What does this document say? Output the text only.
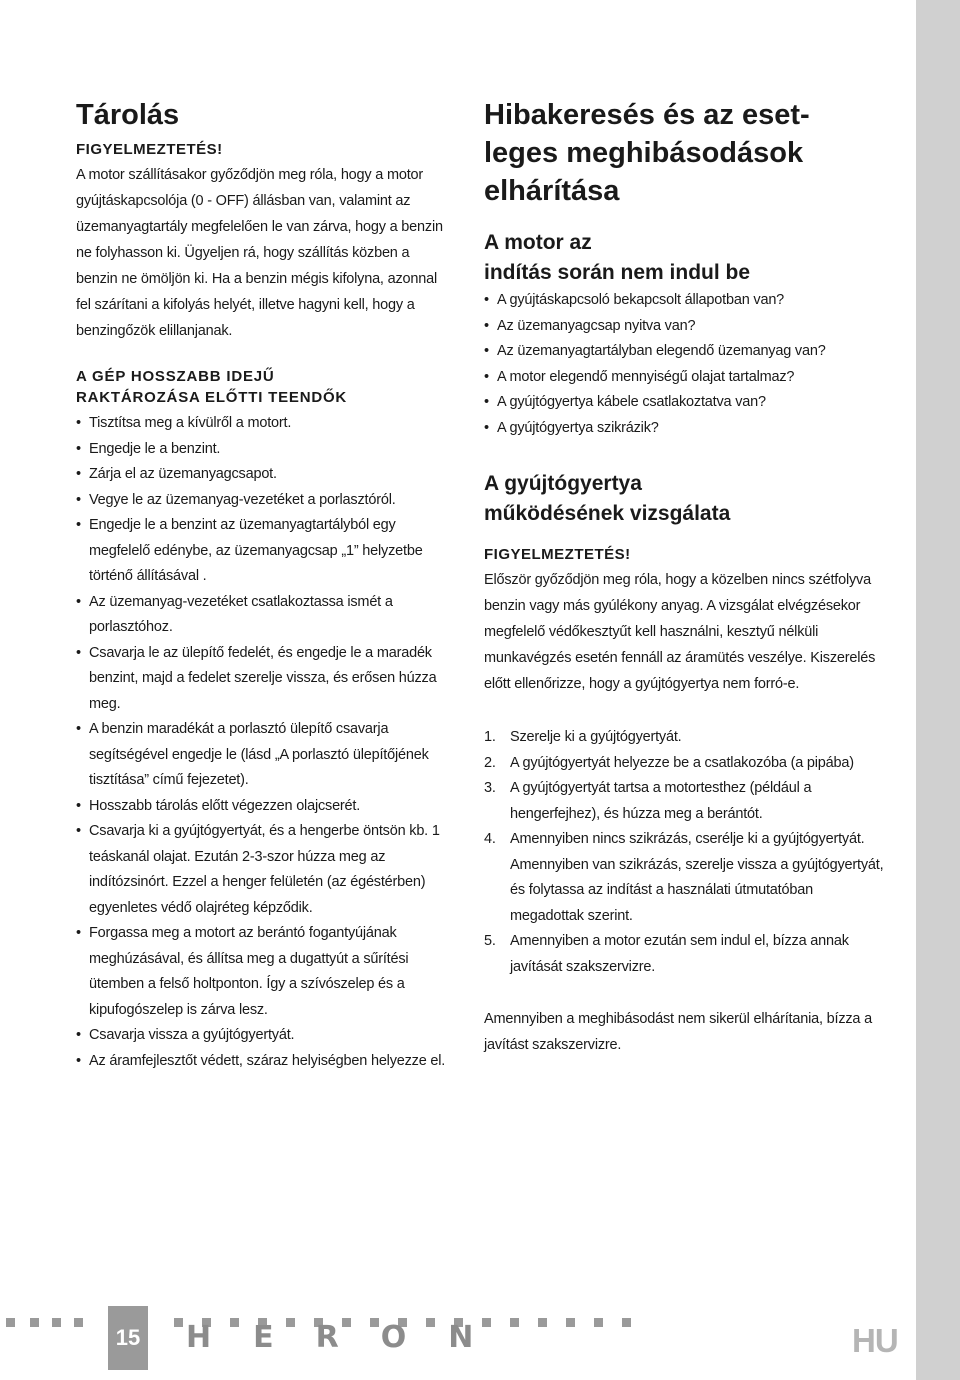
Tárolás
FIGYELMEZTETÉS!

A motor szállításakor győződjön meg róla, hogy a motor gyújtáskapcsolója (0 - OFF) állásban van, valamint az üzemanyagtartály megfelelően le van zárva, hogy a benzin ne folyhasson ki. Ügyeljen rá, hogy szállítás közben a benzin ne ömöljön ki. Ha a benzin mégis kifolyna, azonnal fel szárítani a kifolyás helyét, illetve hagyni kell, hogy a benzingőzök elillanjanak.

A GÉP HOSSZABB IDEJŰ
RAKTÁROZÁSA ELŐTTI TEENDŐK
• Tisztítsa meg a kívülről a motort.
• Engedje le a benzint.
• Zárja el az üzemanyagcsapot.
• Vegye le az üzemanyag-vezetéket a porlasztóról.
• Engedje le a benzint az üzemanyagtartályból egy megfelelő edénybe, az üzemanyagcsap „1” helyzetbe történő állításával .
• Az üzemanyag-vezetéket csatlakoztassa ismét a porlasztóhoz.
• Csavarja le az ülepítő fedelét, és engedje le a maradék benzint, majd a fedelet szerelje vissza, és erősen húzza meg.
• A benzin maradékát a porlasztó ülepítő csavarja segítségével engedje le (lásd „A porlasztó ülepítőjének tisztítása” című fejezetet).
• Hosszabb tárolás előtt végezzen olajcserét.
• Csavarja ki a gyújtógyertyát, és a hengerbe öntsön kb. 1 teáskanál olajat. Ezután 2-3-szor húzza meg az indítózsinórt. Ezzel a henger felületén (az égéstérben) egyenletes védő olajréteg képződik.
• Forgassa meg a motort az berántó fogantyújának meghúzásával, és állítsa meg a dugattyút a sűrítési ütemben a felső holtponton. Így a szívószelep és a kipufogószelep is zárva lesz.
• Csavarja vissza a gyújtógyertyát.
• Az áramfejlesztőt védett, száraz helyiségben helyezze el.
Hibakeresés és az eset-
leges meghibásodások
elhárítása
A motor az
indítás során nem indul be
• A gyújtáskapcsoló bekapcsolt állapotban van?
• Az üzemanyagcsap nyitva van?
• Az üzemanyagtartályban elegendő üzemanyag van?
• A motor elegendő mennyiségű olajat tartalmaz?
• A gyújtógyertya kábele csatlakoztatva van?
• A gyújtógyertya szikrázik?
A gyújtógyertya
működésének vizsgálata
FIGYELMEZTETÉS!

Először győződjön meg róla, hogy a közelben nincs szétfolyva benzin vagy más gyúlékony anyag. A vizsgálat elvégzésekor megfelelő védőkesztyűt kell használni, kesztyű nélküli munkavégzés esetén fennáll az áramütés veszélye. Kiszerelés előtt ellenőrizze, hogy a gyújtógyertya nem forró-e.

1. Szerelje ki a gyújtógyertyát.
2. A gyújtógyertyát helyezze be a csatlakozóba (a pipába)
3. A gyújtógyertyát tartsa a motortesthez (például a hengerfejhez), és húzza meg a berántót.
4. Amennyiben nincs szikrázás, cserélje ki a gyújtógyertyát. Amennyiben van szikrázás, szerelje vissza a gyújtógyertyát, és folytassa az indítást a használati útmutatóban megadottak szerint.
5. Amennyiben a motor ezután sem indul el, bízza annak javítását szakszervizre.

Amennyiben a meghibásodást nem sikerül elhárítania, bízza a javítást szakszervizre.

15 HERON	HU
